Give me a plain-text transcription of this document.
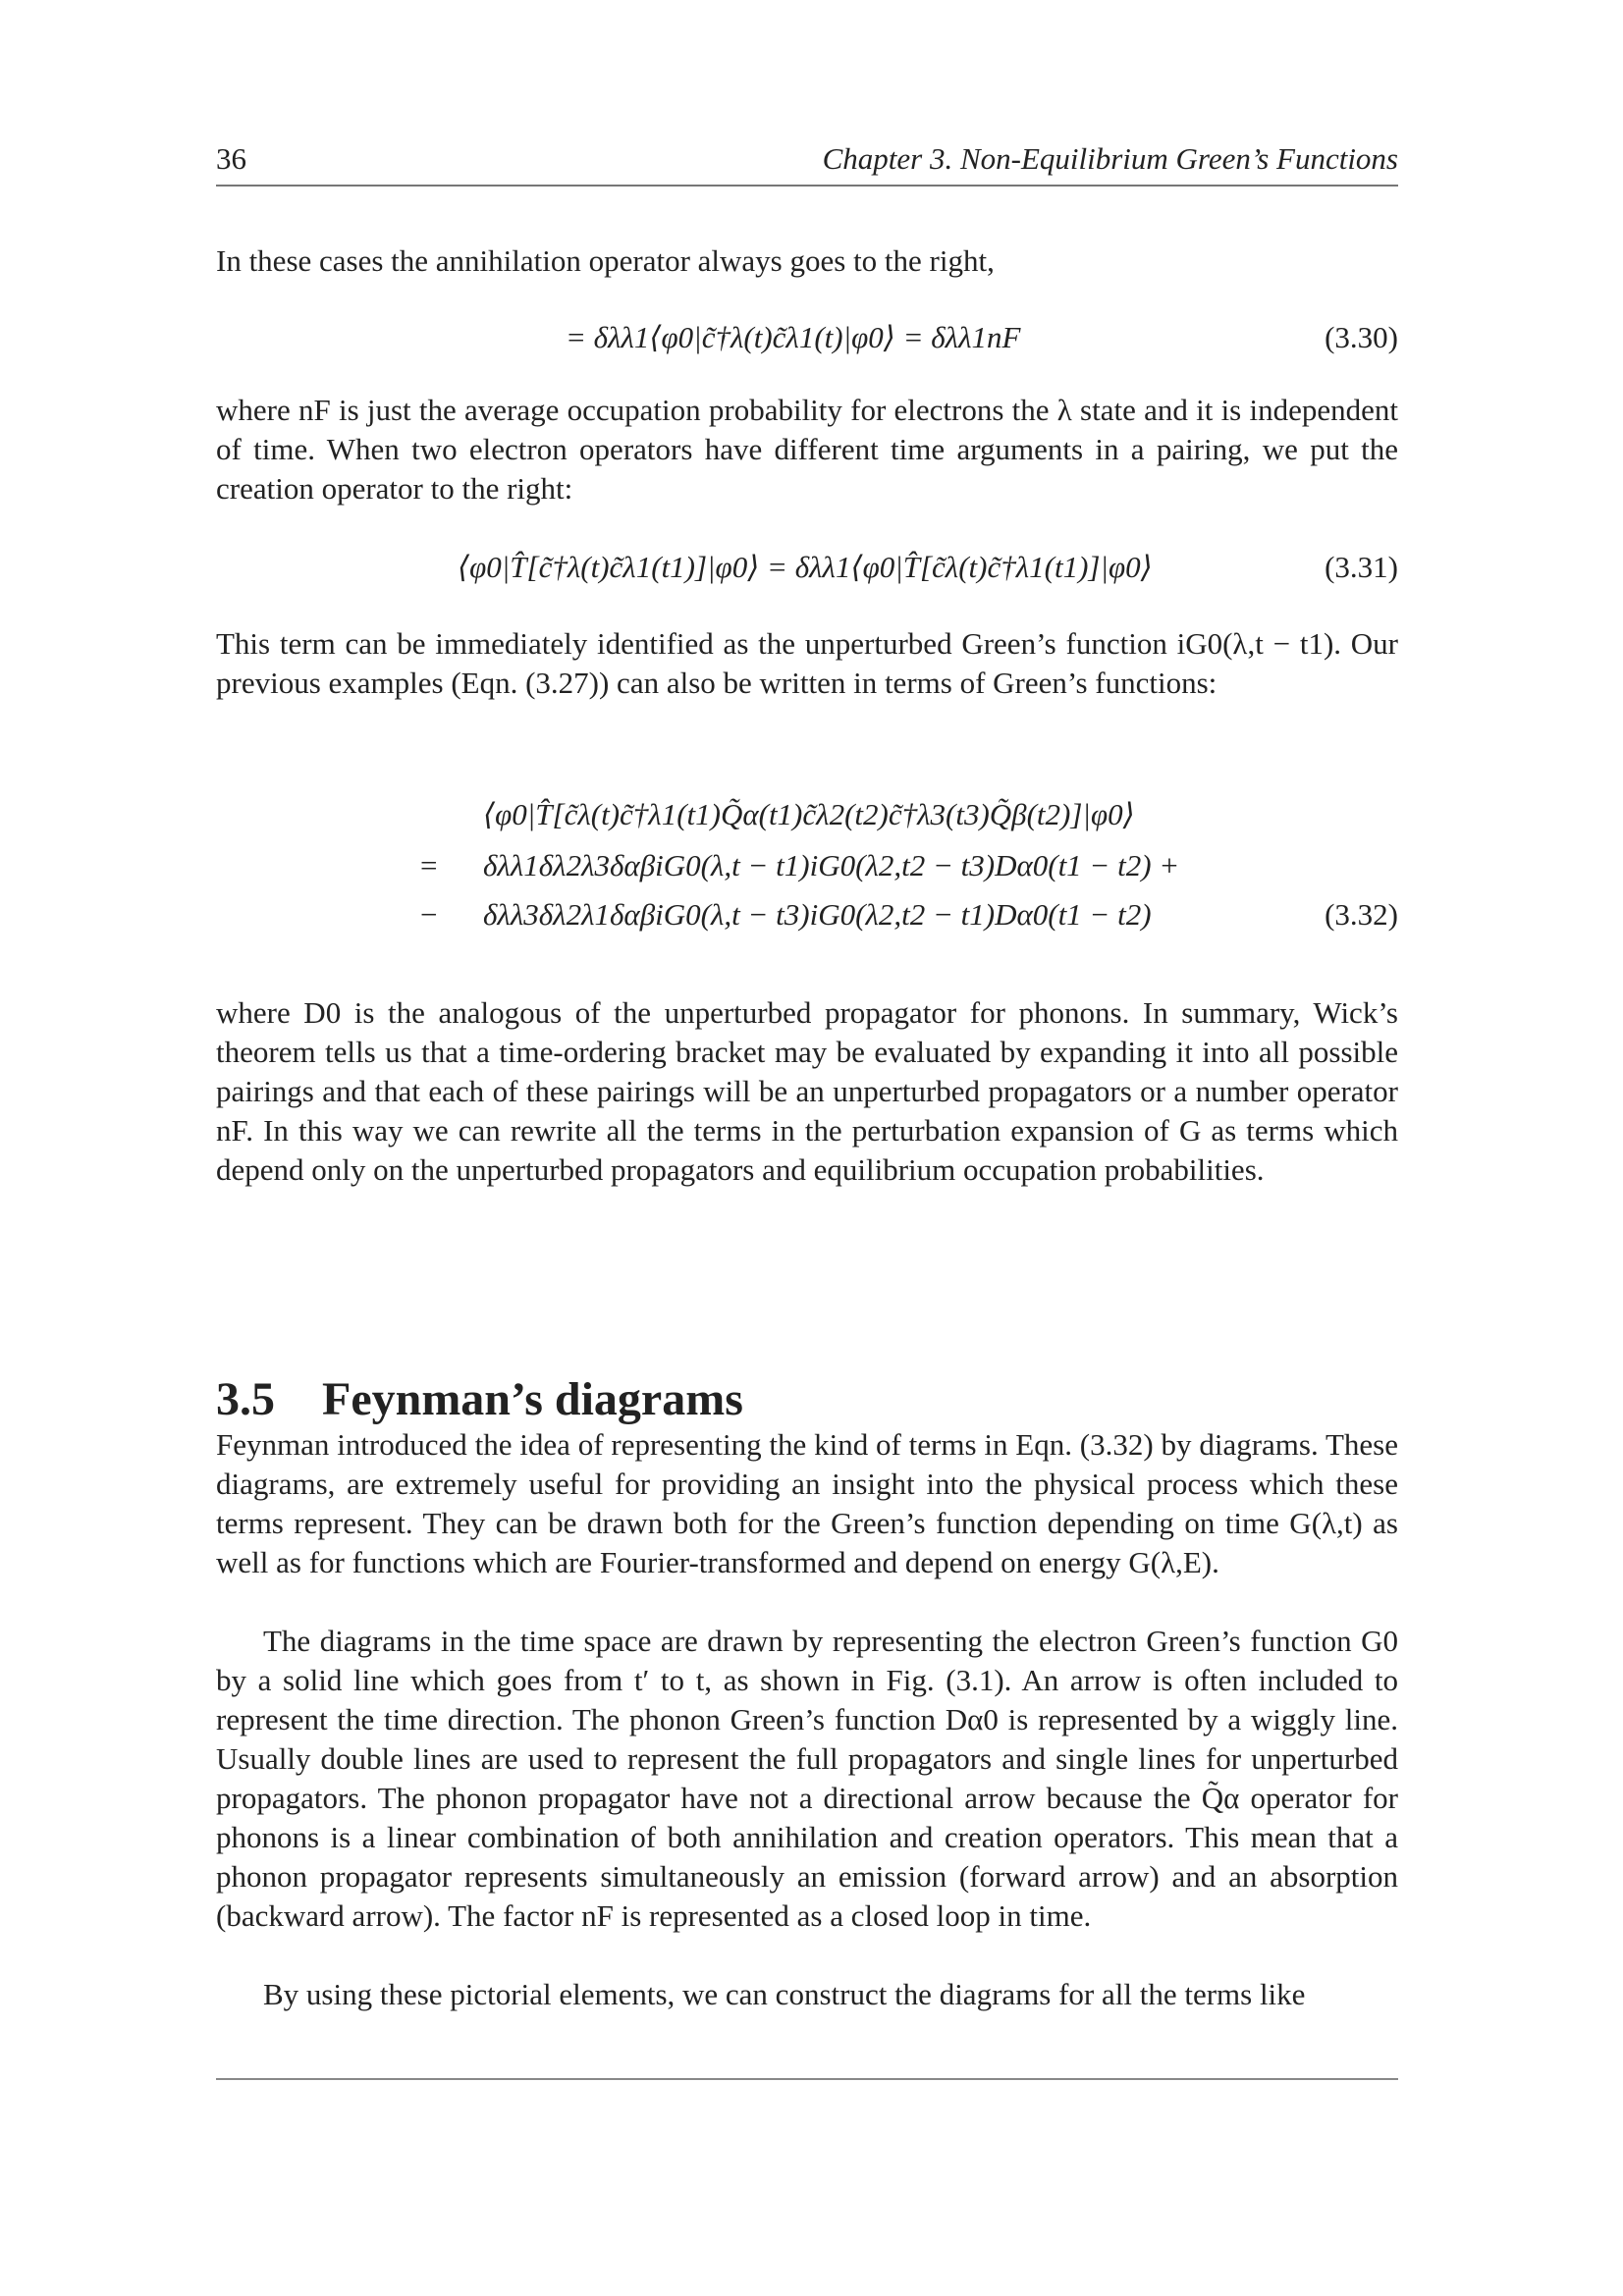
36	Chapter 3. Non-Equilibrium Green’s Functions

In these cases the annihilation operator always goes to the right,

= δλλ1⟨φ0|c̃†λ(t)c̃λ1(t)|φ0⟩ = δλλ1nF	(3.30)

where nF is just the average occupation probability for electrons the λ state and it is independent of time. When two electron operators have different time arguments in a pairing, we put the creation operator to the right:

⟨φ0|T̂[c̃†λ(t)c̃λ1(t1)]|φ0⟩ = δλλ1⟨φ0|T̂[c̃λ(t)c̃†λ1(t1)]|φ0⟩	(3.31)

This term can be immediately identified as the unperturbed Green’s function iG0(λ,t − t1). Our previous examples (Eqn. (3.27)) can also be written in terms of Green’s functions:

⟨φ0|T̂[c̃λ(t)c̃†λ1(t1)Q̃α(t1)c̃λ2(t2)c̃†λ3(t3)Q̃β(t2)]|φ0⟩
= δλλ1δλ2λ3δαβiG0(λ,t − t1)iG0(λ2,t2 − t3)Dα0(t1 − t2) +
− δλλ3δλ2λ1δαβiG0(λ,t − t3)iG0(λ2,t2 − t1)Dα0(t1 − t2)	(3.32)

where D0 is the analogous of the unperturbed propagator for phonons. In summary, Wick’s theorem tells us that a time-ordering bracket may be evaluated by expanding it into all possible pairings and that each of these pairings will be an unperturbed propagators or a number operator nF. In this way we can rewrite all the terms in the perturbation expansion of G as terms which depend only on the unperturbed propagators and equilibrium occupation probabilities.

3.5 Feynman’s diagrams

Feynman introduced the idea of representing the kind of terms in Eqn. (3.32) by diagrams. These diagrams, are extremely useful for providing an insight into the physical process which these terms represent. They can be drawn both for the Green’s function depending on time G(λ,t) as well as for functions which are Fourier-transformed and depend on energy G(λ,E).

The diagrams in the time space are drawn by representing the electron Green’s function G0 by a solid line which goes from t′ to t, as shown in Fig. (3.1). An arrow is often included to represent the time direction. The phonon Green’s function Dα0 is represented by a wiggly line. Usually double lines are used to represent the full propagators and single lines for unperturbed propagators. The phonon propagator have not a directional arrow because the Q̃α operator for phonons is a linear combination of both annihilation and creation operators. This mean that a phonon propagator represents simultaneously an emission (forward arrow) and an absorption (backward arrow). The factor nF is represented as a closed loop in time.

By using these pictorial elements, we can construct the diagrams for all the terms like
